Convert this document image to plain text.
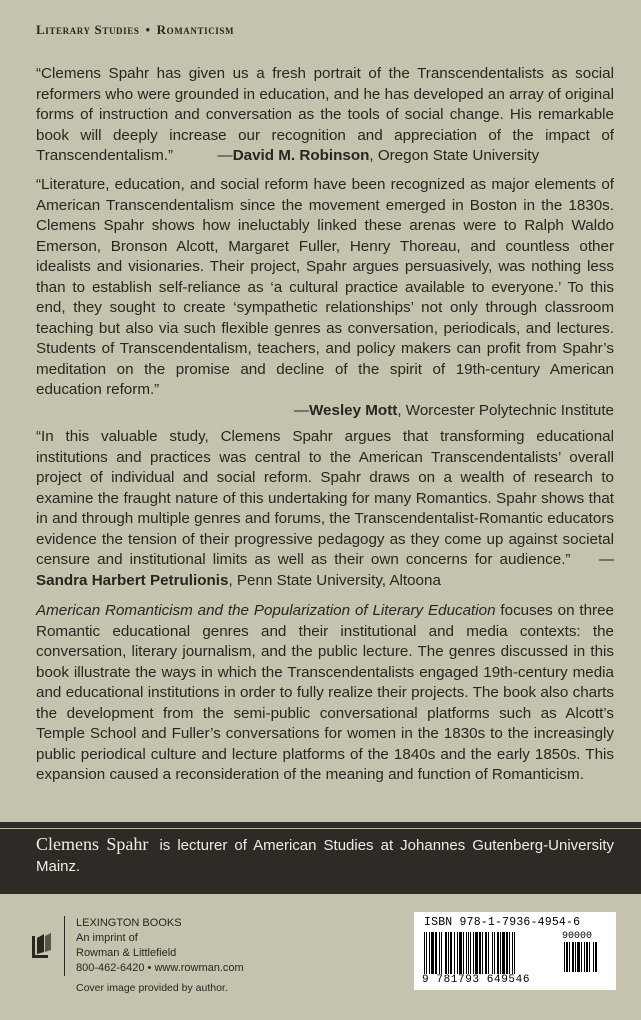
Literary Studies • Romanticism
“Clemens Spahr has given us a fresh portrait of the Transcendentalists as social reformers who were grounded in education, and he has developed an array of original forms of instruction and conversation as the tools of social change. His remarkable book will deeply increase our recognition and appreciation of the impact of Transcendentalism.”	—David M. Robinson, Oregon State University
“Literature, education, and social reform have been recognized as major elements of American Transcendentalism since the movement emerged in Boston in the 1830s. Clemens Spahr shows how ineluctably linked these arenas were to Ralph Waldo Emerson, Bronson Alcott, Margaret Fuller, Henry Thoreau, and countless other idealists and visionaries. Their project, Spahr argues persuasively, was nothing less than to establish self-reliance as ‘a cultural practice available to everyone.’ To this end, they sought to create ‘sympathetic relationships’ not only through classroom teaching but also via such flexible genres as conversation, periodicals, and lectures. Students of Transcendentalism, teachers, and policy makers can profit from Spahr’s meditation on the promise and decline of the spirit of 19th-century American education reform.”
—Wesley Mott, Worcester Polytechnic Institute
“In this valuable study, Clemens Spahr argues that transforming educational institutions and practices was central to the American Transcendentalists’ overall project of individual and social reform. Spahr draws on a wealth of research to examine the fraught nature of this undertaking for many Romantics. Spahr shows that in and through multiple genres and forums, the Transcendentalist-Romantic educators evidence the tension of their progressive pedagogy as they come up against societal censure and institutional limits as well as their own concerns for audience.” —Sandra Harbert Petrulionis, Penn State University, Altoona
American Romanticism and the Popularization of Literary Education focuses on three Romantic educational genres and their institutional and media contexts: the conversation, literary journalism, and the public lecture. The genres discussed in this book illustrate the ways in which the Transcendentalists engaged 19th-century media and educational institutions in order to fully realize their projects. The book also charts the development from the semi-public conversational platforms such as Alcott’s Temple School and Fuller’s conversations for women in the 1830s to the increasingly public periodical culture and lecture platforms of the 1840s and the early 1850s. This expansion caused a reconsideration of the meaning and function of Romanticism.
Clemens Spahr is lecturer of American Studies at Johannes Gutenberg-University Mainz.
LEXINGTON BOOKS
An imprint of
Rowman & Littlefield
800-462-6420 • www.rowman.com
Cover image provided by author.
ISBN 978-1-7936-4954-6
90000
9 781793 649546
